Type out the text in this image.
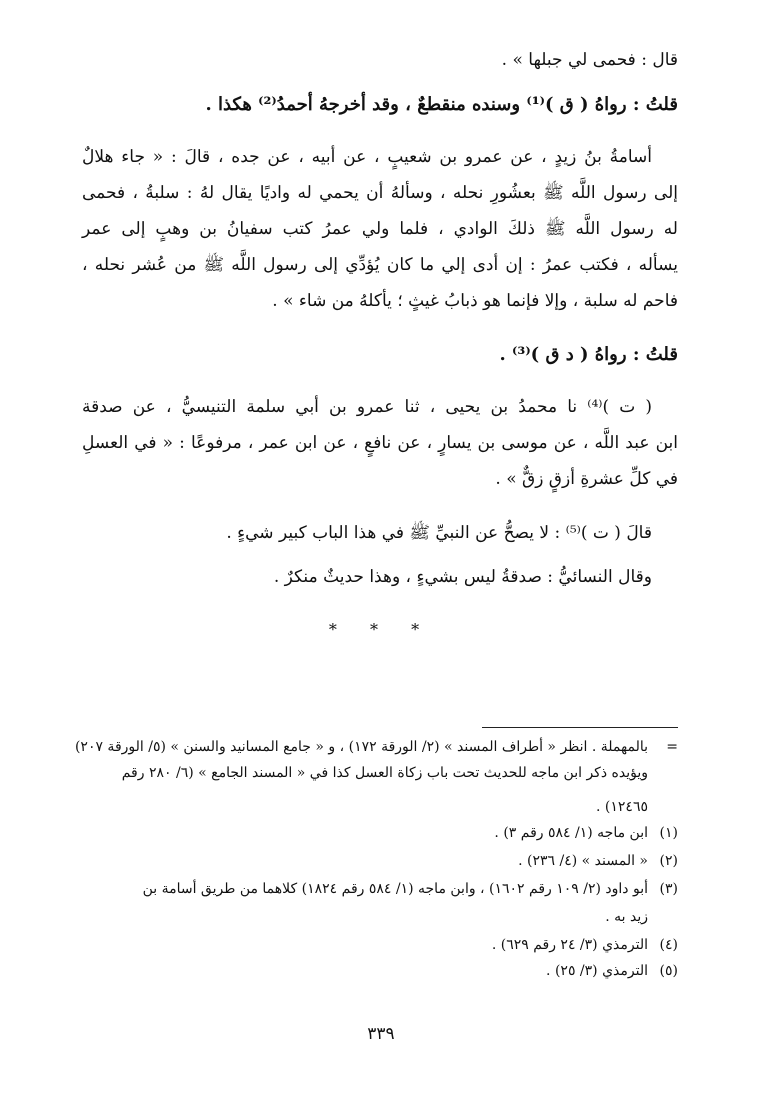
قال : فحمى لي جبلها » .
قلتُ : رواهُ ( ق )⁽¹⁾ وسنده منقطعٌ ، وقد أخرجهُ أحمدُ⁽²⁾ هكذا .
أسامةُ بنُ زيدٍ ، عن عمرو بن شعيبٍ ، عن أبيه ، عن جده ، قالَ : « جاء هلالٌ
إلى رسول اللَّه ﷺ بعشُورِ نحله ، وسألهُ أن يحمي له واديًا يقال لهُ : سلبةُ ، فحمى
له رسول اللَّه ﷺ ذلكَ الوادي ، فلما ولي عمرُ كتب سفيانُ بن وهبٍ إلى عمر
يسأله ، فكتب عمرُ : إن أدى إلي ما كان يُؤدِّي إلى رسول اللَّه ﷺ من عُشر نحله ،
فاحم له سلبة ، وإلا فإنما هو ذبابُ غيثٍ ؛ يأكلهُ من شاء » .
قلتُ : رواهُ ( د ق )⁽³⁾ .
( ت )⁽⁴⁾ نا محمدُ بن يحيى ، ثنا عمرو بن أبي سلمة التنيسيُّ ، عن صدقة
ابن عبد اللَّه ، عن موسى بن يسارٍ ، عن نافعٍ ، عن ابن عمر ، مرفوعًا : « في العسلِ
في كلِّ عشرةِ أزقٍ زقٌّ » .
قالَ ( ت )⁽⁵⁾ : لا يصحُّ عن النبيِّ ﷺ في هذا الباب كبير شيءٍ .
وقال النسائيُّ : صدقةُ ليس بشيءٍ ، وهذا حديثٌ منكرٌ .
* * *
=بالمهملة . انظر « أطراف المسند » (٢/ الورقة ١٧٢) ، و « جامع المسانيد والسنن » (٥/ الورقة ٢٠٧)
ويؤيده ذكر ابن ماجه للحديث تحت باب زكاة العسل كذا في « المسند الجامع » (٦/ ٢٨٠ رقم
١٢٤٦٥) .
(١)ابن ماجه (١/ ٥٨٤ رقم ٣) .
(٢)« المسند » (٤/ ٢٣٦) .
(٣)أبو داود (٢/ ١٠٩ رقم ١٦٠٢) ، وابن ماجه (١/ ٥٨٤ رقم ١٨٢٤) كلاهما من طريق أسامة بن
زيد به .
(٤)الترمذي (٣/ ٢٤ رقم ٦٢٩) .
(٥)الترمذي (٣/ ٢٥) .
٣٣٩
